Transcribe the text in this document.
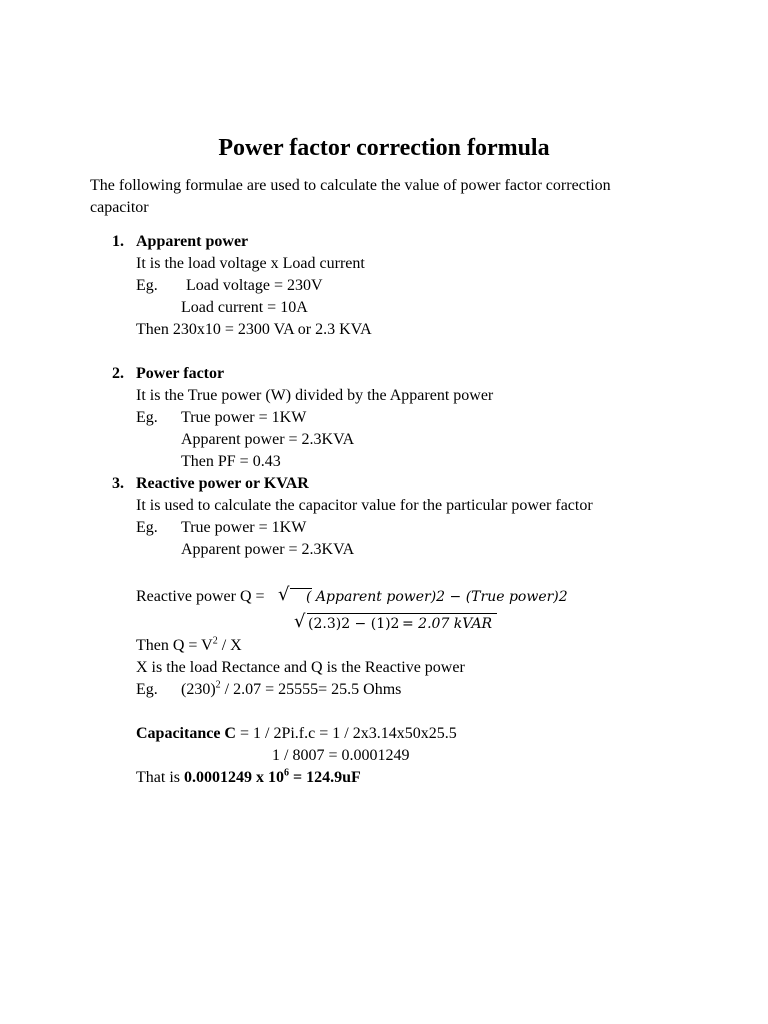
Power factor correction formula
The following formulae are used to calculate the value of power factor correction
capacitor
1. Apparent power
It is the load voltage x Load current
Eg. Load voltage = 230V
Load current = 10A
Then 230x10 = 2300 VA or 2.3 KVA
2. Power factor
It is the True power (W) divided by the Apparent power
Eg. True power = 1KW
Apparent power = 2.3KVA
Then PF = 0.43
3. Reactive power or KVAR
It is used to calculate the capacitor value for the particular power factor
Eg. True power = 1KW
Apparent power = 2.3KVA
Reactive power Q = √ ( Apparent power)2 − (True power)2
√ (2.3)2 − (1)2 = 2.07 kVAR
Then $Q = V^2 / X$
X is the load Rectance and Q is the Reactive power
Eg. $(230)^2 / 2.07 = 25555= 25.5$ Ohms
Capacitance C = 1 / 2Pi.f.c = 1 / 2x3.14x50x25.5
1 / 8007 = 0.0001249
That is 0.0001249 x $10^6 = 124.9uF$
